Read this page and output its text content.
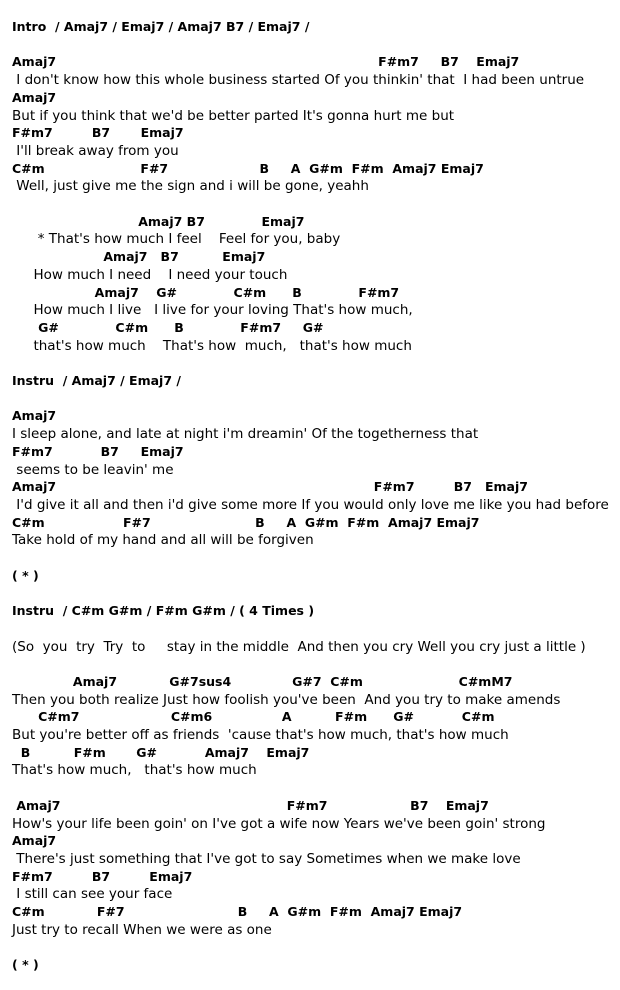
Intro  / Amaj7 / Emaj7 / Amaj7 B7 / Emaj7 /
Amaj7                                                                          F#m7     B7    Emaj7
I don't know how this whole business started Of you thinkin' that  I had been untrue
Amaj7
But if you think that we'd be better parted It's gonna hurt me but
F#m7         B7       Emaj7
I'll break away from you
C#m                      F#7                     B     A  G#m  F#m  Amaj7 Emaj7
Well, just give me the sign and i will be gone, yeahh
Amaj7 B7             Emaj7
* That's how much I feel    Feel for you, baby
Amaj7   B7          Emaj7
How much I need    I need your touch
Amaj7    G#             C#m      B             F#m7
How much I live   I live for your loving That's how much,
G#             C#m      B             F#m7     G#
that's how much    That's how  much,   that's how much
Instru  / Amaj7 / Emaj7 /
Amaj7
I sleep alone, and late at night i'm dreamin' Of the togetherness that
F#m7           B7     Emaj7
seems to be leavin' me
Amaj7                                                                         F#m7         B7   Emaj7
I'd give it all and then i'd give some more If you would only love me like you had before
C#m                  F#7                        B     A  G#m  F#m  Amaj7 Emaj7
Take hold of my hand and all will be forgiven
( * )
Instru  / C#m G#m / F#m G#m / ( 4 Times )
(So  you  try  Try  to     stay in the middle  And then you cry Well you cry just a little )
Amaj7            G#7sus4              G#7  C#m                      C#mM7
Then you both realize Just how foolish you've been  And you try to make amends
C#m7                     C#m6                A          F#m      G#           C#m
But you're better off as friends  'cause that's how much, that's how much
B          F#m       G#           Amaj7    Emaj7
That's how much,   that's how much
Amaj7                                                    F#m7                   B7    Emaj7
How's your life been goin' on I've got a wife now Years we've been goin' strong
Amaj7
There's just something that I've got to say Sometimes when we make love
F#m7         B7         Emaj7
I still can see your face
C#m            F#7                          B     A  G#m  F#m  Amaj7 Emaj7
Just try to recall When we were as one
( * )
